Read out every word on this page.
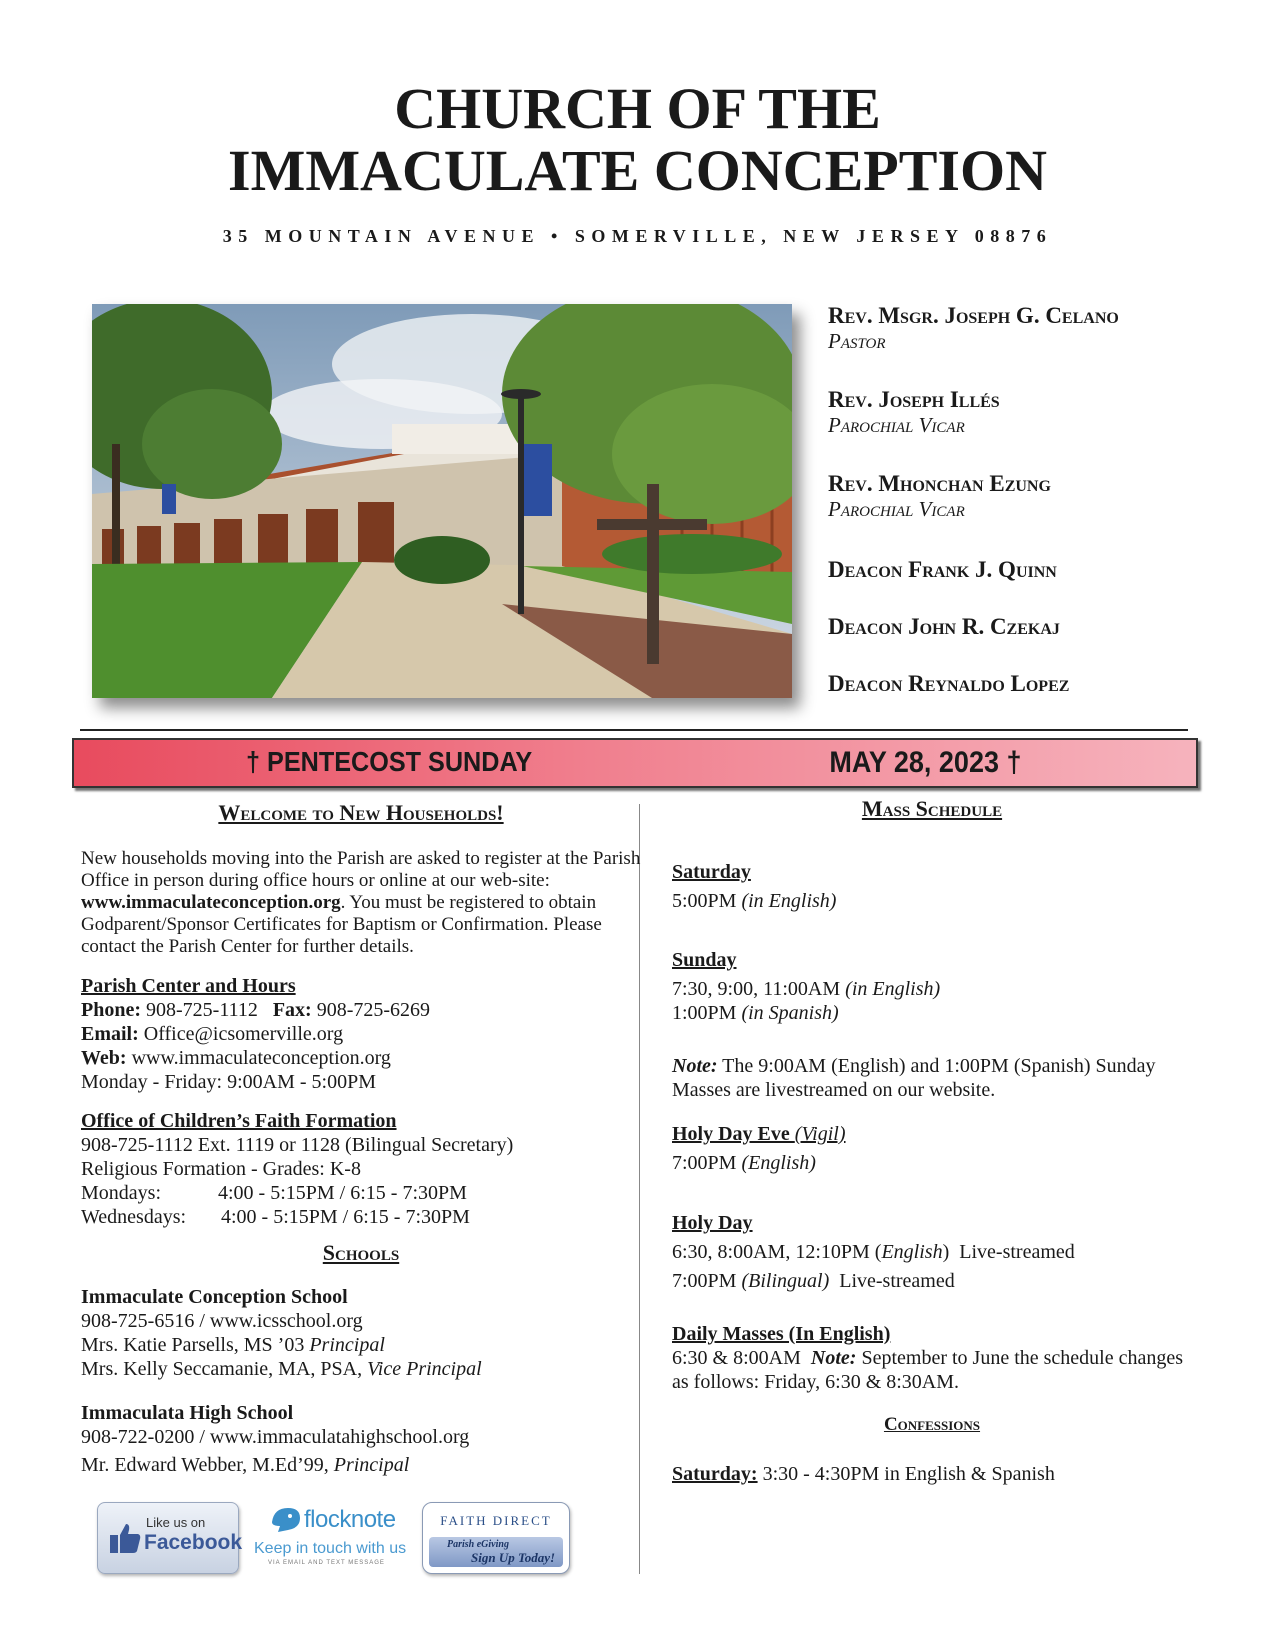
CHURCH OF THE
IMMACULATE CONCEPTION
35 MOUNTAIN AVENUE • SOMERVILLE, NEW JERSEY 08876
Rev. Msgr. Joseph G. Celano
Pastor
Rev. Joseph Illés
Parochial Vicar
Rev. Mhonchan Ezung
Parochial Vicar
Deacon Frank J. Quinn
Deacon John R. Czekaj
Deacon Reynaldo Lopez
† PENTECOST SUNDAY	MAY 28, 2023 †
Welcome to New Households!
New households moving into the Parish are asked to register at the Parish Office in person during office hours or online at our web-site: www.immaculateconception.org. You must be registered to obtain Godparent/Sponsor Certificates for Baptism or Confirmation. Please contact the Parish Center for further details.
Parish Center and Hours
Phone: 908-725-1112 Fax: 908-725-6269
Email: Office@icsomerville.org
Web: www.immaculateconception.org
Monday - Friday: 9:00AM - 5:00PM
Office of Children’s Faith Formation
908-725-1112 Ext. 1119 or 1128 (Bilingual Secretary)
Religious Formation - Grades: K-8
Mondays:	4:00 - 5:15PM / 6:15 - 7:30PM
Wednesdays: 4:00 - 5:15PM / 6:15 - 7:30PM
Schools
Immaculate Conception School
908-725-6516 / www.icsschool.org
Mrs. Katie Parsells, MS ’03 Principal
Mrs. Kelly Seccamanie, MA, PSA, Vice Principal
Immaculata High School
908-722-0200 / www.immaculatahighschool.org
Mr. Edward Webber, M.Ed’99, Principal
Like us on
Facebook
flocknote
Keep in touch with us
VIA EMAIL AND TEXT MESSAGE
FAITH DIRECT
Parish eGiving
Sign Up Today!
Mass Schedule
Saturday
5:00PM (in English)
Sunday
7:30, 9:00, 11:00AM (in English)
1:00PM (in Spanish)
Note: The 9:00AM (English) and 1:00PM (Spanish) Sunday Masses are livestreamed on our website.
Holy Day Eve (Vigil)
7:00PM (English)
Holy Day
6:30, 8:00AM, 12:10PM (English)  Live-streamed
7:00PM (Bilingual)  Live-streamed
Daily Masses (In English)
6:30 & 8:00AM  Note: September to June the schedule changes as follows: Friday, 6:30 & 8:30AM.
Confessions
Saturday: 3:30 - 4:30PM in English & Spanish
